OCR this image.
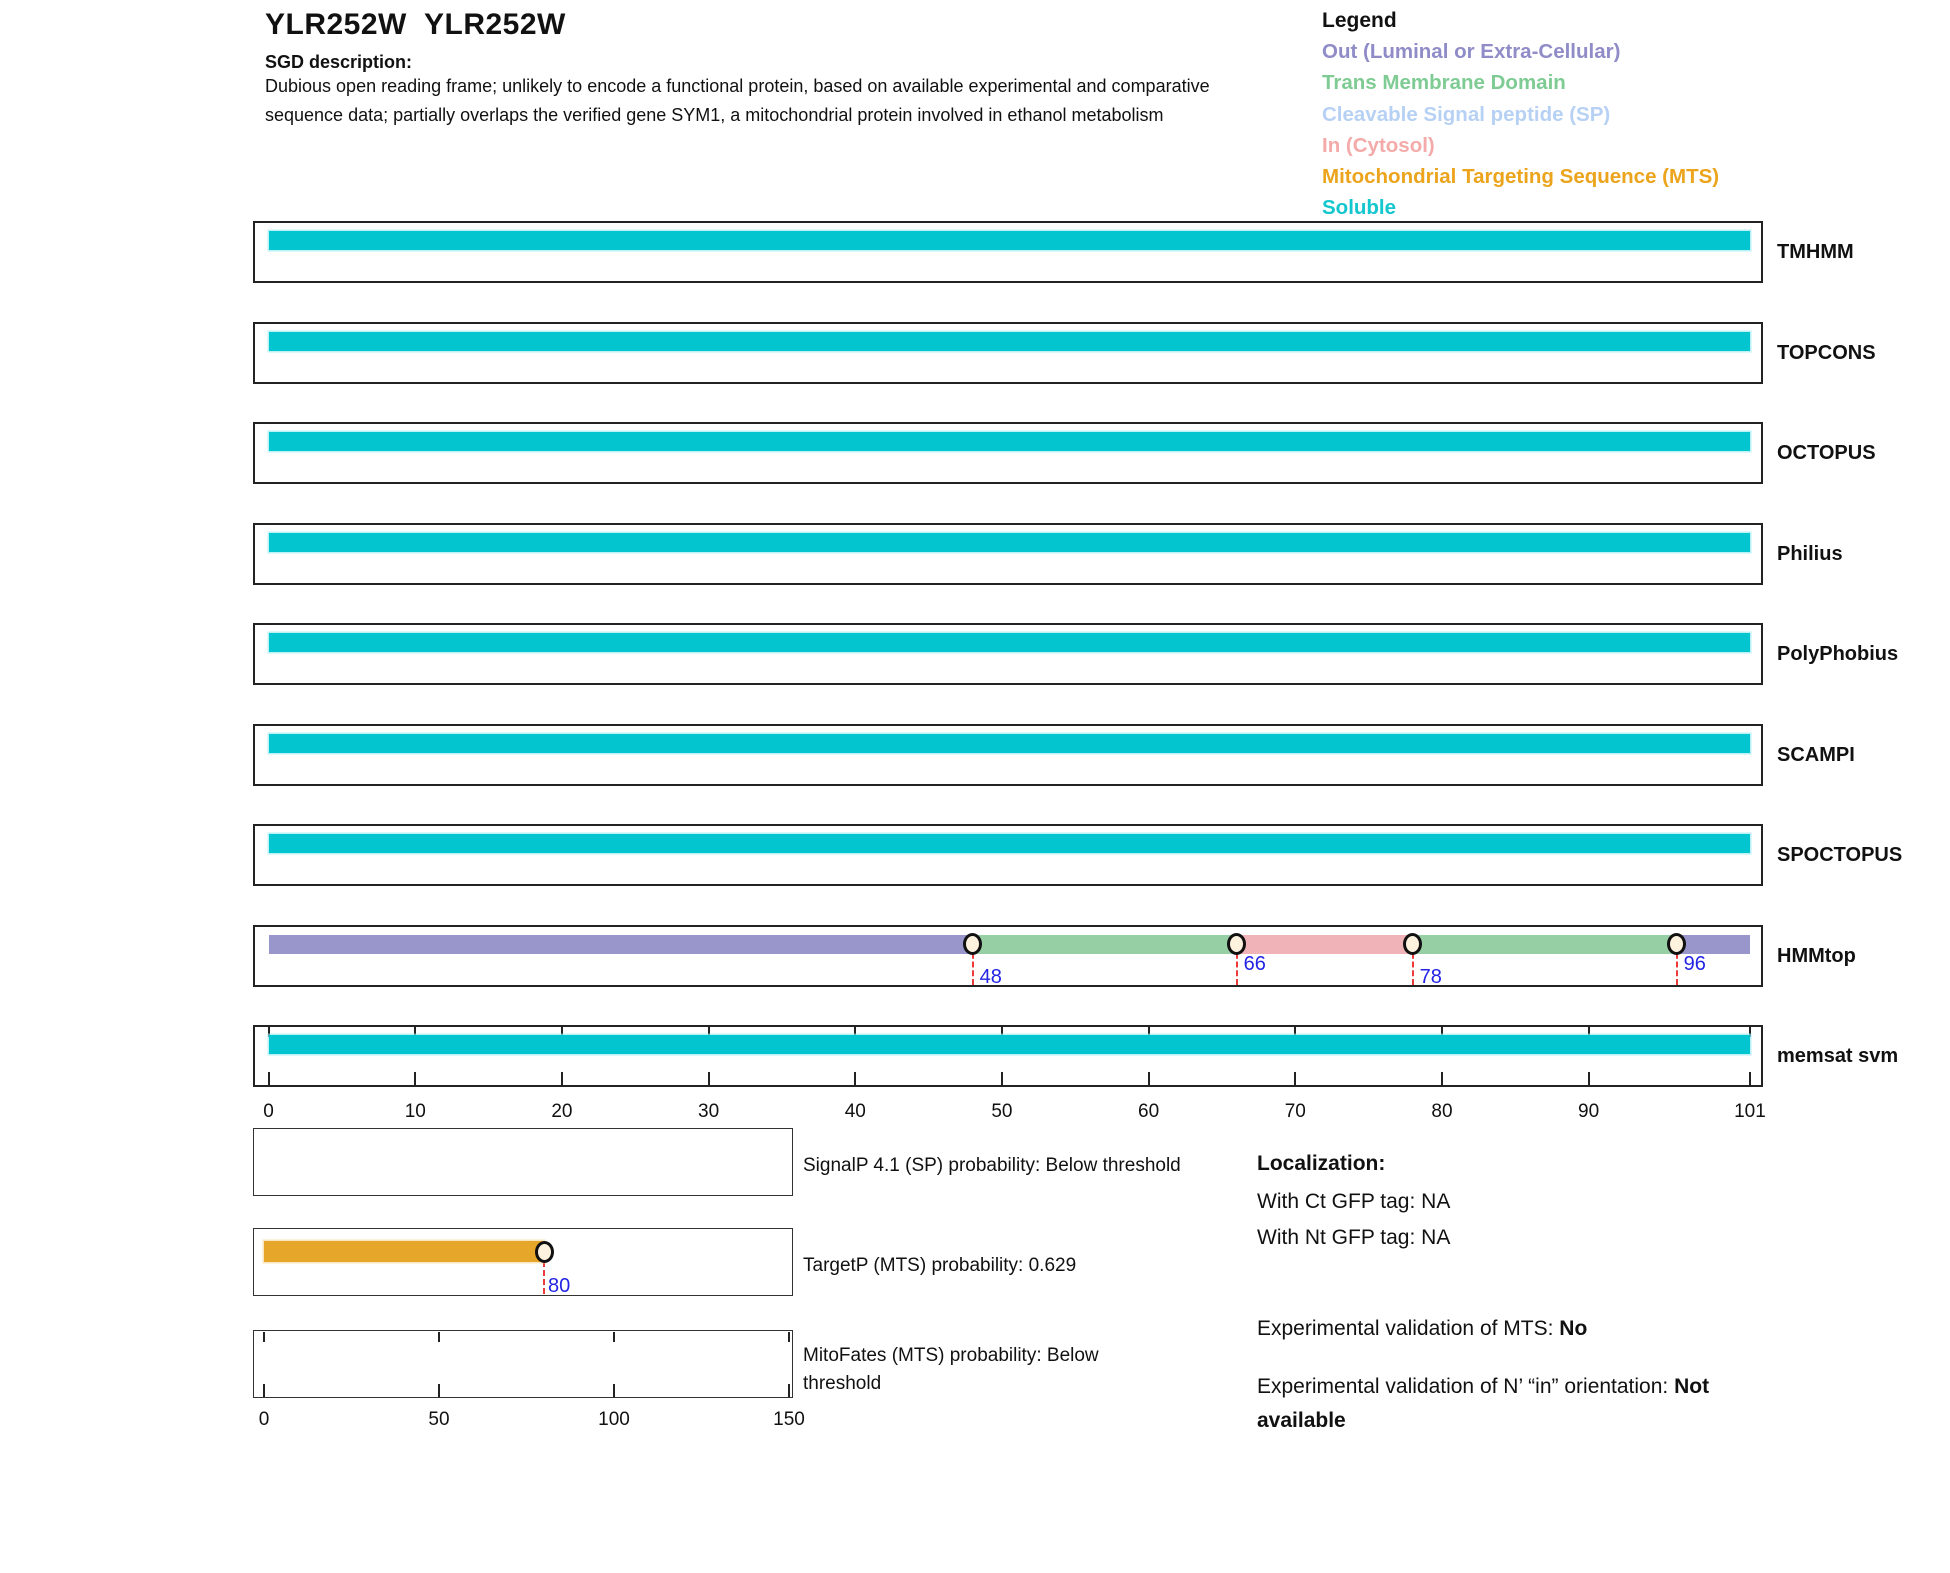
YLR252W  YLR252W
SGD description:
Dubious open reading frame; unlikely to encode a functional protein, based on available experimental and comparative sequence data; partially overlaps the verified gene SYM1, a mitochondrial protein involved in ethanol metabolism
Legend
Out (Luminal or Extra-Cellular)
Trans Membrane Domain
Cleavable Signal peptide (SP)
In (Cytosol)
Mitochondrial Targeting Sequence (MTS)
Soluble
TMHMM
TOPCONS
OCTOPUS
Philius
PolyPhobius
SCAMPI
SPOCTOPUS
48
66
78
96	HMMtop
0	10	20	30	40	50	60	70	80	90	101
memsat svm
SignalP 4.1 (SP) probability: Below threshold
80
TargetP (MTS) probability: 0.629
0	50	100	150
MitoFates (MTS) probability: Below threshold
Localization:
With Ct GFP tag: NA
With Nt GFP tag: NA
Experimental validation of MTS: No
Experimental validation of N’ “in” orientation: Not available
